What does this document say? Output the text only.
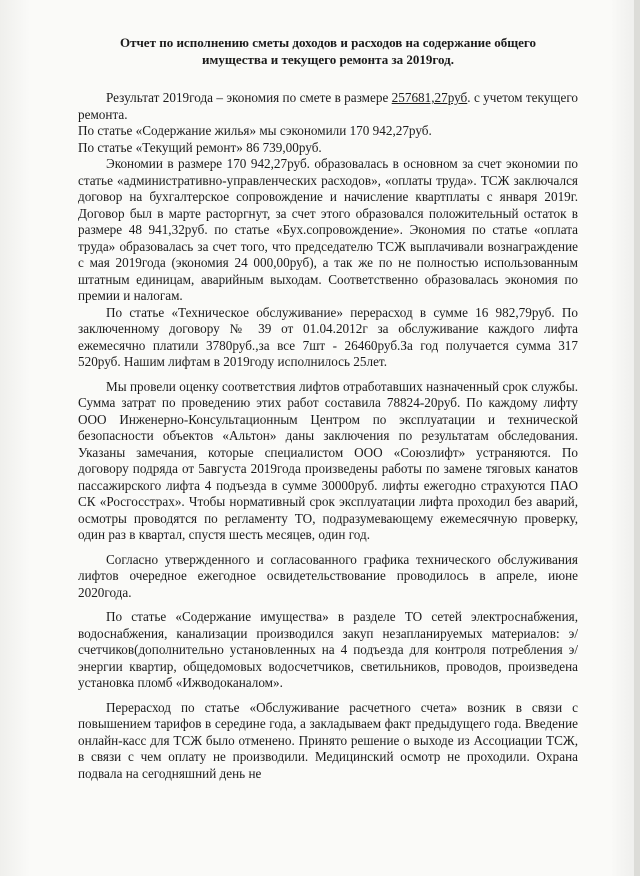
Отчет по исполнению сметы доходов и расходов на содержание общего
имущества и текущего ремонта за 2019год.

Результат 2019года – экономия по смете в размере 257681,27руб. с учетом текущего ремонта.

По статье «Содержание жилья» мы сэкономили 170 942,27руб.

По статье «Текущий ремонт» 86 739,00руб.

Экономии в размере 170 942,27руб. образовалась в основном за счет экономии по статье «административно-управленческих расходов», «оплаты труда». ТСЖ заключался договор на бухгалтерское сопровождение и начисление квартплаты с января 2019г. Договор был в марте расторгнут, за счет этого образовался положительный остаток в размере 48 941,32руб. по статье «Бух.сопровождение». Экономия по статье «оплата труда» образовалась за счет того, что председателю ТСЖ выплачивали вознаграждение с мая 2019года (экономия 24 000,00руб), а так же по не полностью использованным штатным единицам, аварийным выходам. Соответственно образовалась экономия по премии и налогам.

По статье «Техническое обслуживание» перерасход в сумме 16 982,79руб. По заключенному договору № 39 от 01.04.2012г за обслуживание каждого лифта ежемесячно платили 3780руб.,за все 7шт - 26460руб.За год получается сумма 317 520руб. Нашим лифтам в 2019году исполнилось 25лет.

Мы провели оценку соответствия лифтов отработавших назначенный срок службы. Сумма затрат по проведению этих работ составила 78824-20руб. По каждому лифту ООО Инженерно-Консультационным Центром по эксплуатации и технической безопасности объектов «Альтон» даны заключения по результатам обследования. Указаны замечания, которые специалистом ООО «Союзлифт» устраняются. По договору подряда от 5августа 2019года произведены работы по замене тяговых канатов пассажирского лифта 4 подъезда в сумме 30000руб. лифты ежегодно страхуются ПАО СК «Росгосстрах». Чтобы нормативный срок эксплуатации лифта проходил без аварий, осмотры проводятся по регламенту ТО, подразумевающему ежемесячную проверку, один раз в квартал, спустя шесть месяцев, один год.

Согласно утвержденного и согласованного графика технического обслуживания лифтов очередное ежегодное освидетельствование проводилось в апреле, июне 2020года.

По статье «Содержание имущества» в разделе ТО сетей электроснабжения, водоснабжения, канализации производился закуп незапланируемых материалов: э/счетчиков(дополнительно установленных на 4 подъезда для контроля потребления э/энергии квартир, общедомовых водосчетчиков, светильников, проводов, произведена установка пломб «Ижводоканалом».

Перерасход по статье «Обслуживание расчетного счета» возник в связи с повышением тарифов в середине года, а закладываем факт предыдущего года. Введение онлайн-касс для ТСЖ было отменено. Принято решение о выходе из Ассоциации ТСЖ, в связи с чем оплату не производили. Медицинский осмотр не проходили. Охрана подвала на сегодняшний день не
